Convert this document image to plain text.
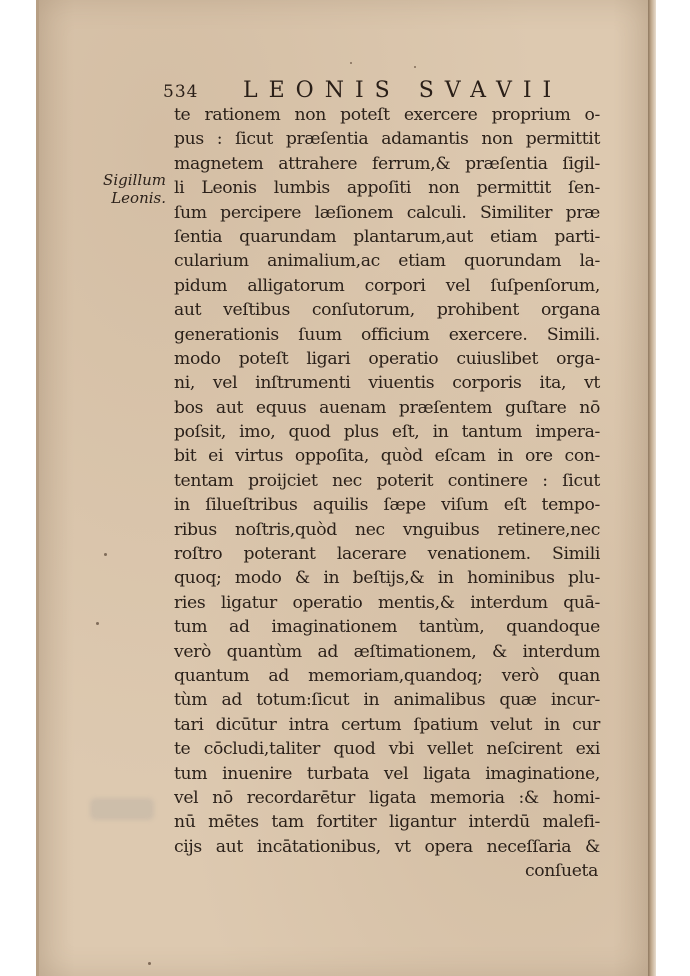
534 LEONIS SVAVII
Sigillum
Leonis.
te rationem non poteſt exercere proprium o-
pus : ſicut præſentia adamantis non permittit
magnetem attrahere ferrum,& præſentia ſigil-
li Leonis lumbis appoſiti non permittit ſen-
ſum percipere læſionem calculi. Similiter præ
ſentia quarundam plantarum,aut etiam parti-
cularium animalium,ac etiam quorundam la-
pidum alligatorum corpori vel ſuſpenſorum,
aut veſtibus conſutorum, prohibent organa
generationis ſuum officium exercere. Simili.
modo poteſt ligari operatio cuiuslibet orga-
ni, vel inſtrumenti viuentis corporis ita, vt
bos aut equus auenam præſentem guſtare nō
poſsit, imo, quod plus eſt, in tantum impera-
bit ei virtus oppoſita, quòd eſcam in ore con-
tentam proijciet nec poterit continere : ſicut
in ſilueſtribus aquilis ſæpe viſum eſt tempo-
ribus noſtris,quòd nec vnguibus retinere,nec
roſtro poterant lacerare venationem. Simili
quoq; modo & in beſtijs,& in hominibus plu-
ries ligatur operatio mentis,& interdum quā-
tum ad imaginationem tantùm, quandoque
verò quantùm ad æſtimationem, & interdum
quantum ad memoriam,quandoq; verò quan
tùm ad totum:ſicut in animalibus quæ incur-
tari dicūtur intra certum ſpatium velut in cur
te cōcludi,taliter quod vbi vellet neſcirent exi
tum inuenire turbata vel ligata imaginatione,
vel nō recordarētur ligata memoria :& homi-
nū mētes tam fortiter ligantur interdū malefi-
cijs aut incātationibus, vt opera neceſſaria &
conſueta
